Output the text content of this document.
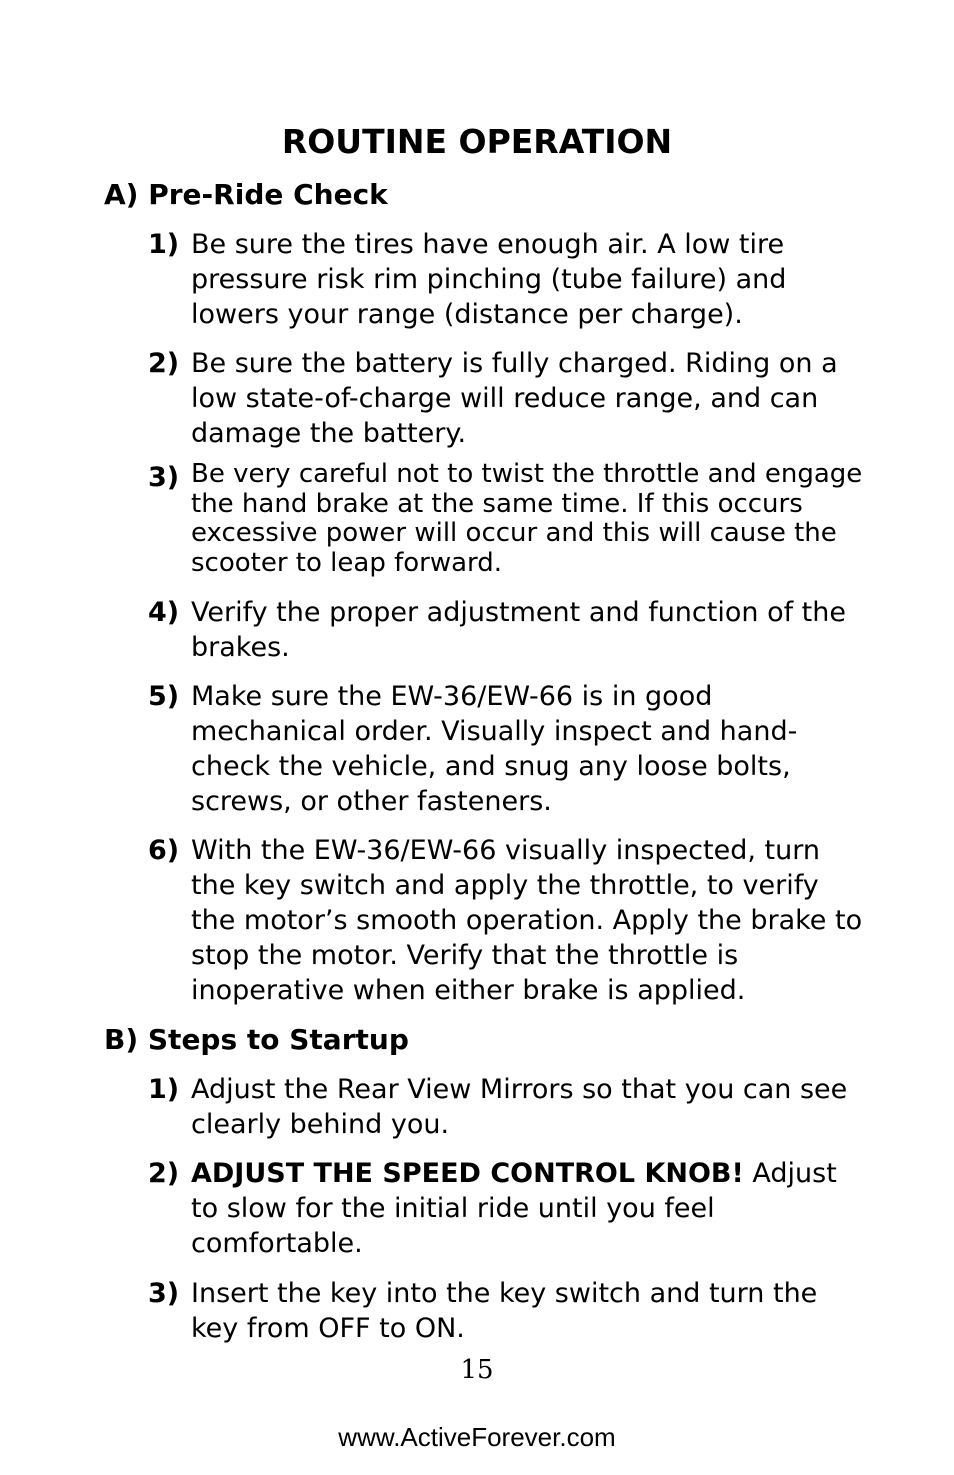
ROUTINE OPERATION
A) Pre-Ride Check
1) Be sure the tires have enough air. A low tire pressure risk rim pinching (tube failure) and lowers your range (distance per charge).
2) Be sure the battery is fully charged. Riding on a low state-of-charge will reduce range, and can damage the battery.
3) Be very careful not to twist the throttle and engage the hand brake at the same time. If this occurs excessive power will occur and this will cause the scooter to leap forward.
4) Verify the proper adjustment and function of the brakes.
5) Make sure the EW-36/EW-66 is in good mechanical order. Visually inspect and hand-check the vehicle, and snug any loose bolts, screws, or other fasteners.
6) With the EW-36/EW-66 visually inspected, turn the key switch and apply the throttle, to verify the motor’s smooth operation. Apply the brake to stop the motor. Verify that the throttle is inoperative when either brake is applied.
B) Steps to Startup
1) Adjust the Rear View Mirrors so that you can see clearly behind you.
2) ADJUST THE SPEED CONTROL KNOB! Adjust to slow for the initial ride until you feel comfortable.
3) Insert the key into the key switch and turn the key from OFF to ON.
15
www.ActiveForever.com
